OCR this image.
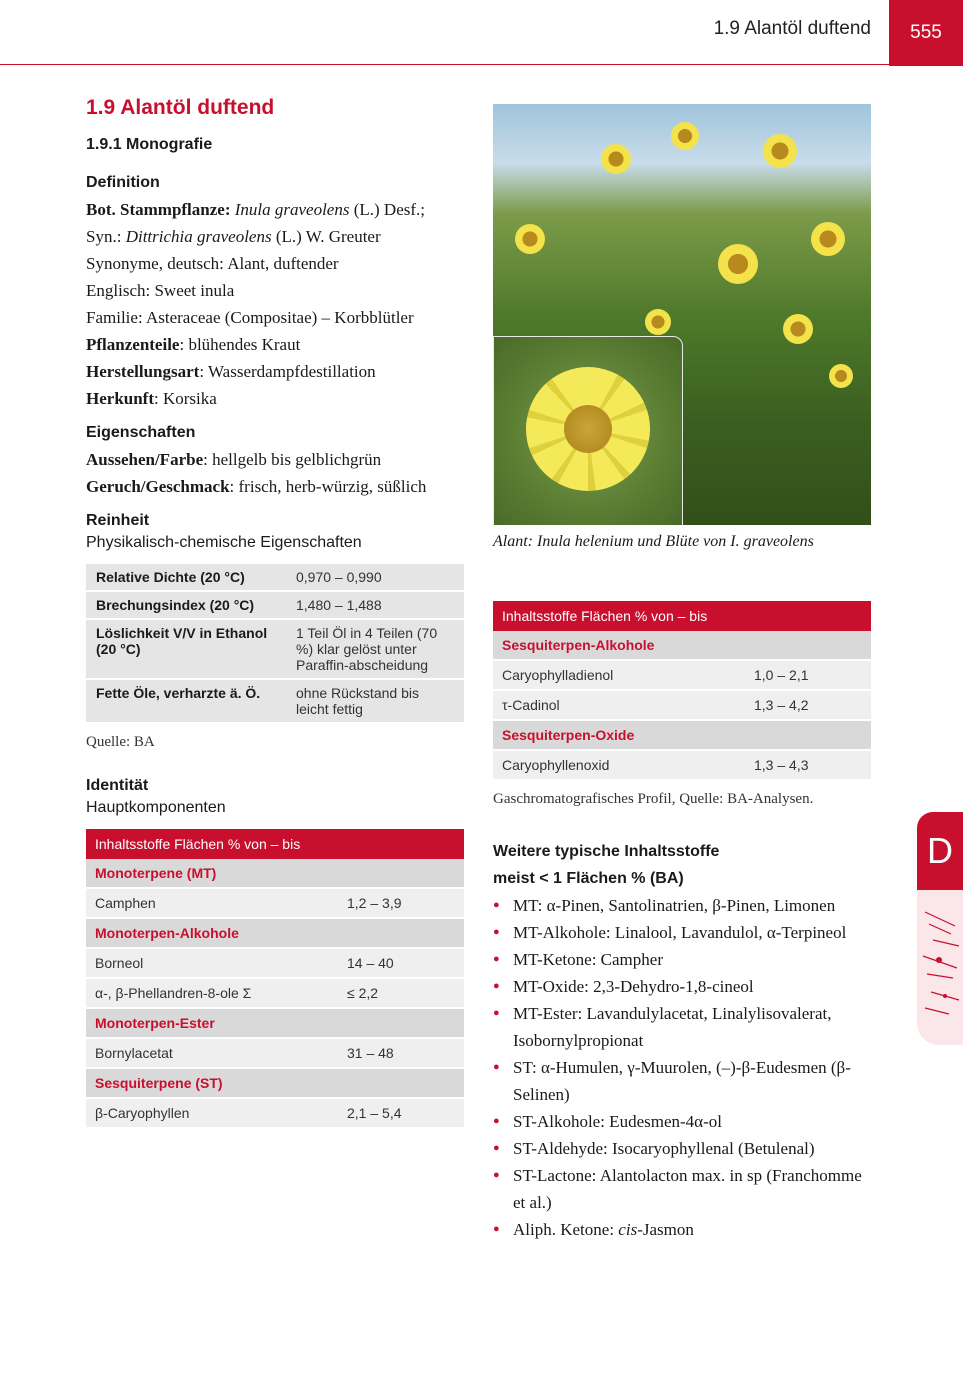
1.9 Alantöl duftend 555
1.9 Alantöl duftend
1.9.1 Monografie
Definition
Bot. Stammpflanze: Inula graveolens (L.) Desf.;
Syn.: Dittrichia graveolens (L.) W. Greuter
Synonyme, deutsch: Alant, duftender
Englisch: Sweet inula
Familie: Asteraceae (Compositae) – Korbblütler
Pflanzenteile: blühendes Kraut
Herstellungsart: Wasserdampfdestillation
Herkunft: Korsika
Eigenschaften
Aussehen/Farbe: hellgelb bis gelblichgrün
Geruch/Geschmack: frisch, herb-würzig, süßlich
Reinheit
Physikalisch-chemische Eigenschaften
Relative Dichte (20 °C)	0,970 – 0,990
Brechungsindex (20 °C)	1,480 – 1,488
Löslichkeit V/V in Ethanol (20 °C)	1 Teil Öl in 4 Teilen (70 %) klar gelöst unter Paraffin-abscheidung
Fette Öle, verharzte ä. Ö.	ohne Rückstand bis leicht fettig
Quelle: BA
Identität
Hauptkomponenten
Inhaltsstoffe Flächen % von – bis	
Monoterpene (MT)	
Camphen	1,2 – 3,9
Monoterpen-Alkohole	
Borneol	14 – 40
α-, β-Phellandren-8-ole Σ	≤ 2,2
Monoterpen-Ester	
Bornylacetat	31 – 48
Sesquiterpene (ST)	
β-Caryophyllen	2,1 – 5,4
Alant: Inula helenium und Blüte von I. graveolens
Inhaltsstoffe Flächen % von – bis	
Sesquiterpen-Alkohole	
Caryophylladienol	1,0 – 2,1
τ-Cadinol	1,3 – 4,2
Sesquiterpen-Oxide	
Caryophyllenoxid	1,3 – 4,3
Gaschromatografisches Profil, Quelle: BA-Analysen.
Weitere typische Inhaltsstoffe
meist < 1 Flächen % (BA)
● MT: α-Pinen, Santolinatrien, β-Pinen, Limonen
● MT-Alkohole: Linalool, Lavandulol, α-Terpineol
● MT-Ketone: Campher
● MT-Oxide: 2,3-Dehydro-1,8-cineol
● MT-Ester: Lavandulylacetat, Linalylisovalerat, Isobornylpropionat
● ST: α-Humulen, γ-Muurolen, (–)-β-Eudesmen (β-Selinen)
● ST-Alkohole: Eudesmen-4α-ol
● ST-Aldehyde: Isocaryophyllenal (Betulenal)
● ST-Lactone: Alantolacton max. in sp (Franchomme et al.)
● Aliph. Ketone: cis-Jasmon
D
